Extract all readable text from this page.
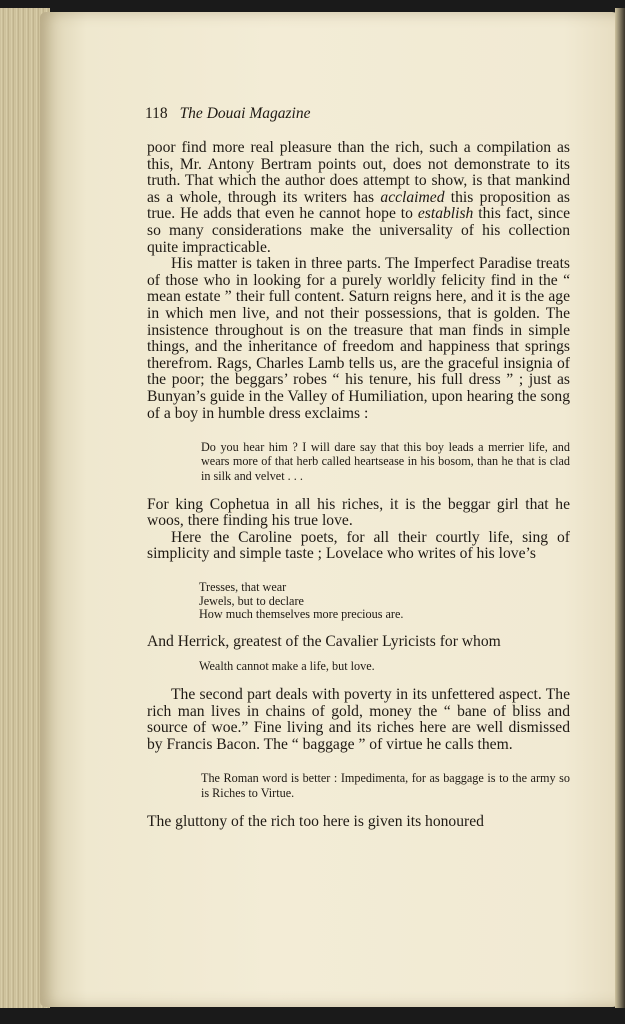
118 The Douai Magazine

poor find more real pleasure than the rich, such a compilation as this, Mr. Antony Bertram points out, does not demonstrate to its truth. That which the author does attempt to show, is that mankind as a whole, through its writers has acclaimed this proposition as true. He adds that even he cannot hope to establish this fact, since so many considerations make the universality of his collection quite impracticable.

His matter is taken in three parts. The Imperfect Paradise treats of those who in looking for a purely worldly felicity find in the “ mean estate ” their full content. Saturn reigns here, and it is the age in which men live, and not their possessions, that is golden. The insistence throughout is on the treasure that man finds in simple things, and the inheritance of freedom and happiness that springs therefrom. Rags, Charles Lamb tells us, are the graceful insignia of the poor; the beggars’ robes “ his tenure, his full dress ” ; just as Bunyan’s guide in the Valley of Humiliation, upon hearing the song of a boy in humble dress exclaims :

Do you hear him ? I will dare say that this boy leads a merrier life, and wears more of that herb called heartsease in his bosom, than he that is clad in silk and velvet . . .

For king Cophetua in all his riches, it is the beggar girl that he woos, there finding his true love.

Here the Caroline poets, for all their courtly life, sing of simplicity and simple taste ; Lovelace who writes of his love’s

Tresses, that wear
Jewels, but to declare
How much themselves more precious are.

And Herrick, greatest of the Cavalier Lyricists for whom

Wealth cannot make a life, but love.

The second part deals with poverty in its unfettered aspect. The rich man lives in chains of gold, money the “ bane of bliss and source of woe.” Fine living and its riches here are well dismissed by Francis Bacon. The “ baggage ” of virtue he calls them.

The Roman word is better : Impedimenta, for as baggage is to the army so is Riches to Virtue.

The gluttony of the rich too here is given its honoured
